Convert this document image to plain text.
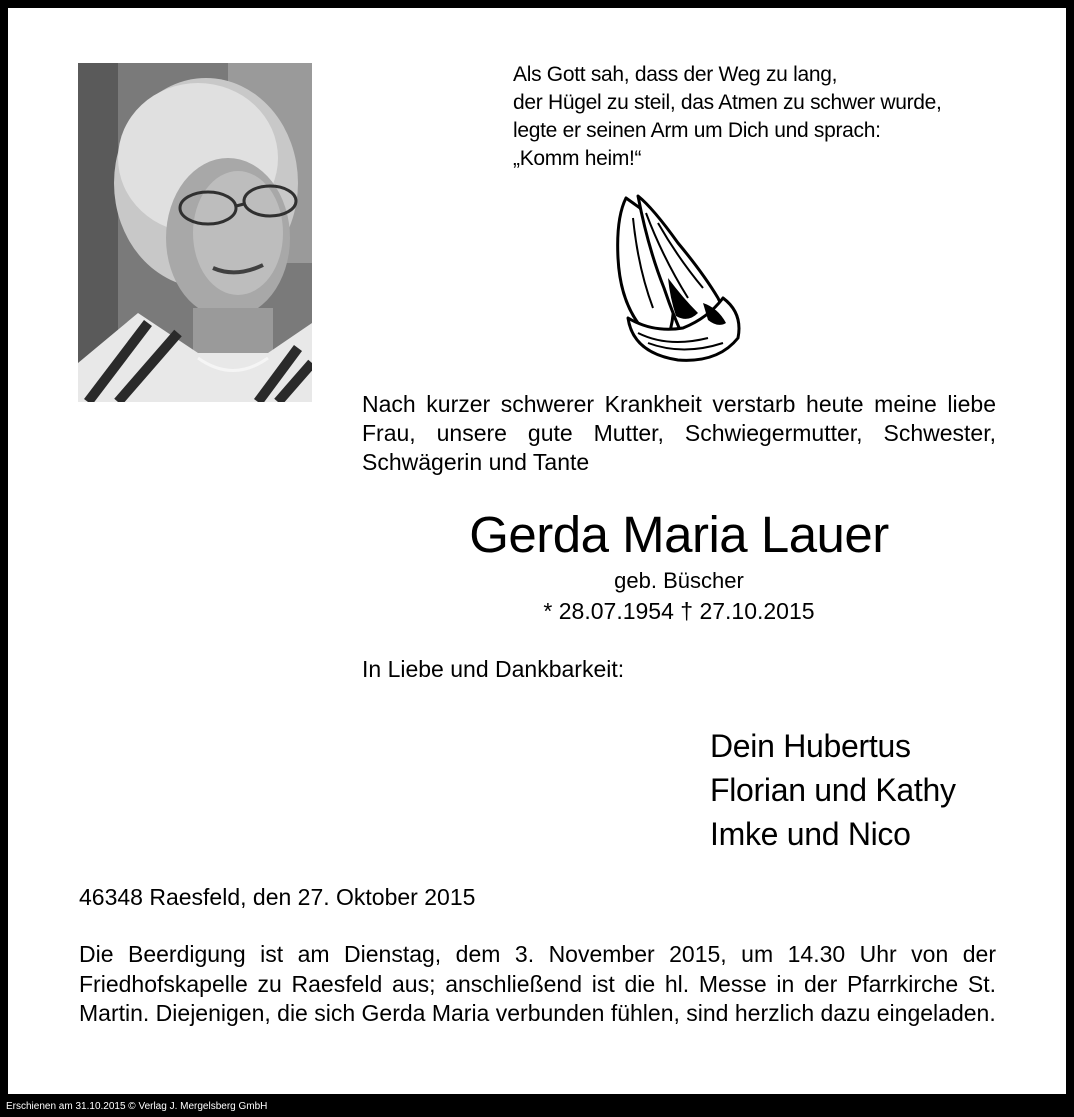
Als Gott sah, dass der Weg zu lang,
der Hügel zu steil, das Atmen zu schwer wurde,
legte er seinen Arm um Dich und sprach:
„Komm heim!“
Nach kurzer schwerer Krankheit verstarb heute meine liebe Frau, unsere gute Mutter, Schwiegermutter, Schwester, Schwägerin und Tante
Gerda Maria Lauer
geb. Büscher
* 28.07.1954 † 27.10.2015
In Liebe und Dankbarkeit:
Dein Hubertus
Florian und Kathy
Imke und Nico
46348 Raesfeld, den 27. Oktober 2015
Die Beerdigung ist am Dienstag, dem 3. November 2015, um 14.30 Uhr von der Friedhofskapelle zu Raesfeld aus; anschließend ist die hl. Messe in der Pfarrkirche St. Martin. Diejenigen, die sich Gerda Maria verbunden fühlen, sind herzlich dazu eingeladen.
Erschienen am 31.10.2015 © Verlag J. Mergelsberg GmbH
